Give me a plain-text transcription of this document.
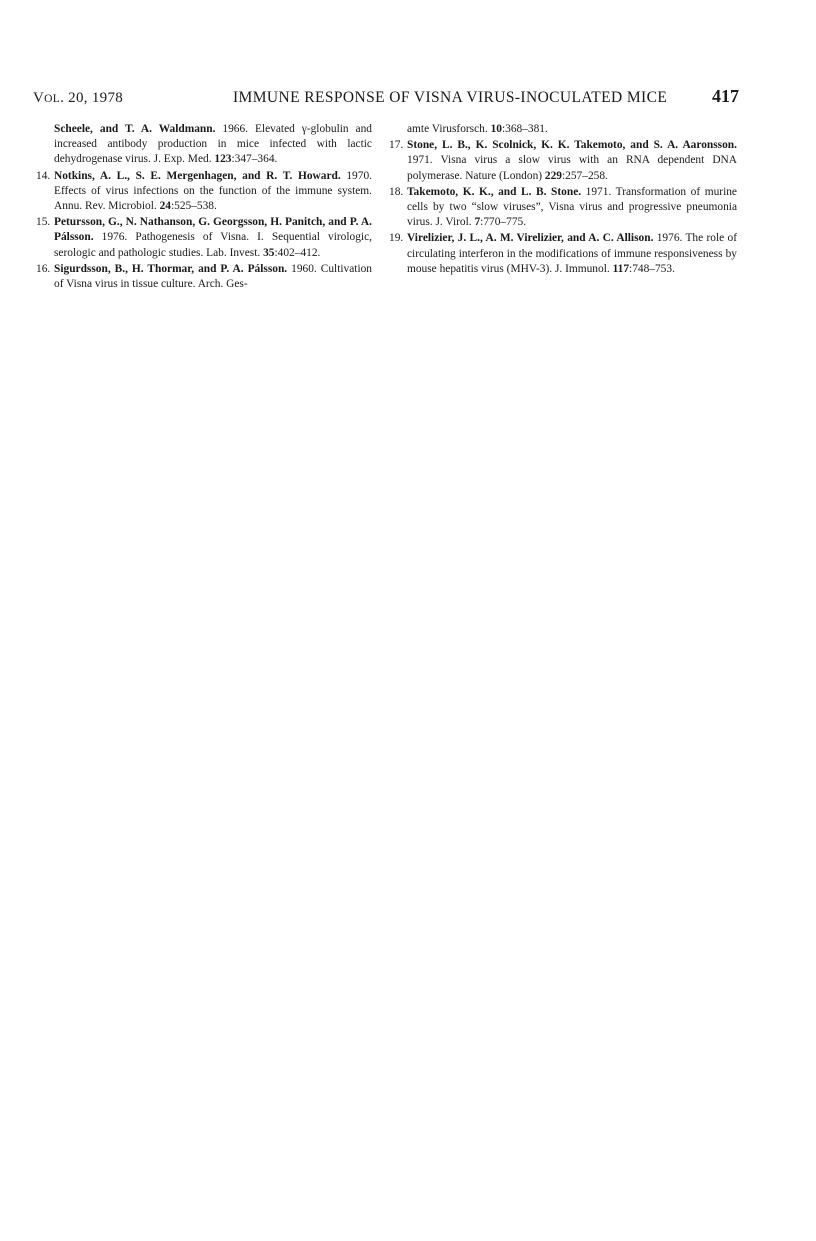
VOL. 20, 1978	IMMUNE RESPONSE OF VISNA VIRUS-INOCULATED MICE 417
Scheele, and T. A. Waldmann. 1966. Elevated γ-globulin and increased antibody production in mice infected with lactic dehydrogenase virus. J. Exp. Med. 123:347–364.
14. Notkins, A. L., S. E. Mergenhagen, and R. T. Howard. 1970. Effects of virus infections on the function of the immune system. Annu. Rev. Microbiol. 24:525–538.
15. Petursson, G., N. Nathanson, G. Georgsson, H. Panitch, and P. A. Pálsson. 1976. Pathogenesis of Visna. I. Sequential virologic, serologic and pathologic studies. Lab. Invest. 35:402–412.
16. Sigurdsson, B., H. Thormar, and P. A. Pálsson. 1960. Cultivation of Visna virus in tissue culture. Arch. Ges-
amte Virusforsch. 10:368–381.
17. Stone, L. B., K. Scolnick, K. K. Takemoto, and S. A. Aaronsson. 1971. Visna virus a slow virus with an RNA dependent DNA polymerase. Nature (London) 229:257–258.
18. Takemoto, K. K., and L. B. Stone. 1971. Transformation of murine cells by two “slow viruses”, Visna virus and progressive pneumonia virus. J. Virol. 7:770–775.
19. Virelizier, J. L., A. M. Virelizier, and A. C. Allison. 1976. The role of circulating interferon in the modifications of immune responsiveness by mouse hepatitis virus (MHV-3). J. Immunol. 117:748–753.
